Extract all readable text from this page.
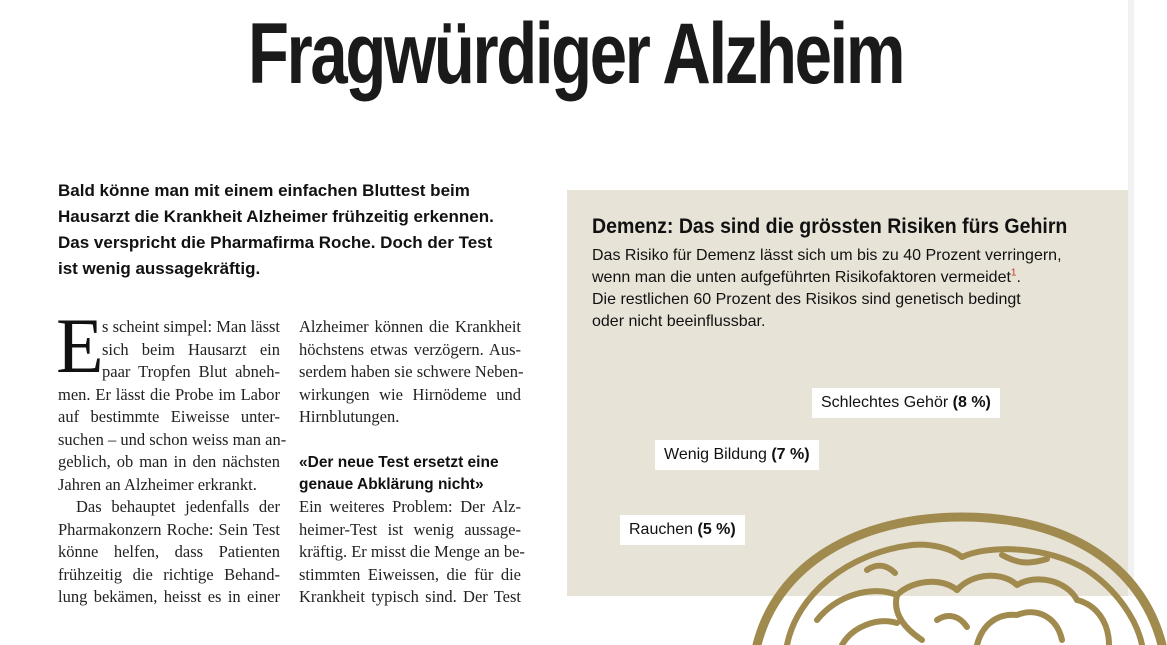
Fragwürdiger Alzheim
Bald könne man mit einem einfachen Bluttest beim
Hausarzt die Krankheit Alzheimer frühzeitig erkennen.
Das verspricht die Pharmafirma Roche. Doch der Test
ist wenig aussagekräftig.
E
s scheint simpel: Man lässt
sich beim Hausarzt ein
paar Tropfen Blut abneh-
men. Er lässt die Probe im Labor
auf bestimmte Eiweisse unter-
suchen – und schon weiss man an-
geblich, ob man in den nächsten
Jahren an Alzheimer erkrankt.
Das behauptet jedenfalls der
Pharmakonzern Roche: Sein Test
könne helfen, dass Patienten
frühzeitig die richtige Behand-
lung bekämen, heisst es in einer
Alzheimer können die Krankheit
höchstens etwas verzögern. Aus-
serdem haben sie schwere Neben-
wirkungen wie Hirnödeme und
Hirnblutungen.
«Der neue Test ersetzt eine
genaue Abklärung nicht»
Ein weiteres Problem: Der Alz-
heimer-Test ist wenig aussage-
kräftig. Er misst die Menge an be-
stimmten Eiweissen, die für die
Krankheit typisch sind. Der Test
Demenz: Das sind die grössten Risiken fürs Gehirn
Das Risiko für Demenz lässt sich um bis zu 40 Prozent verringern,
wenn man die unten aufgeführten Risikofaktoren vermeidet$^1$.
Die restlichen 60 Prozent des Risikos sind genetisch bedingt
oder nicht beeinflussbar.
Schlechtes Gehör (8 %)
Wenig Bildung (7 %)
Rauchen (5 %)
